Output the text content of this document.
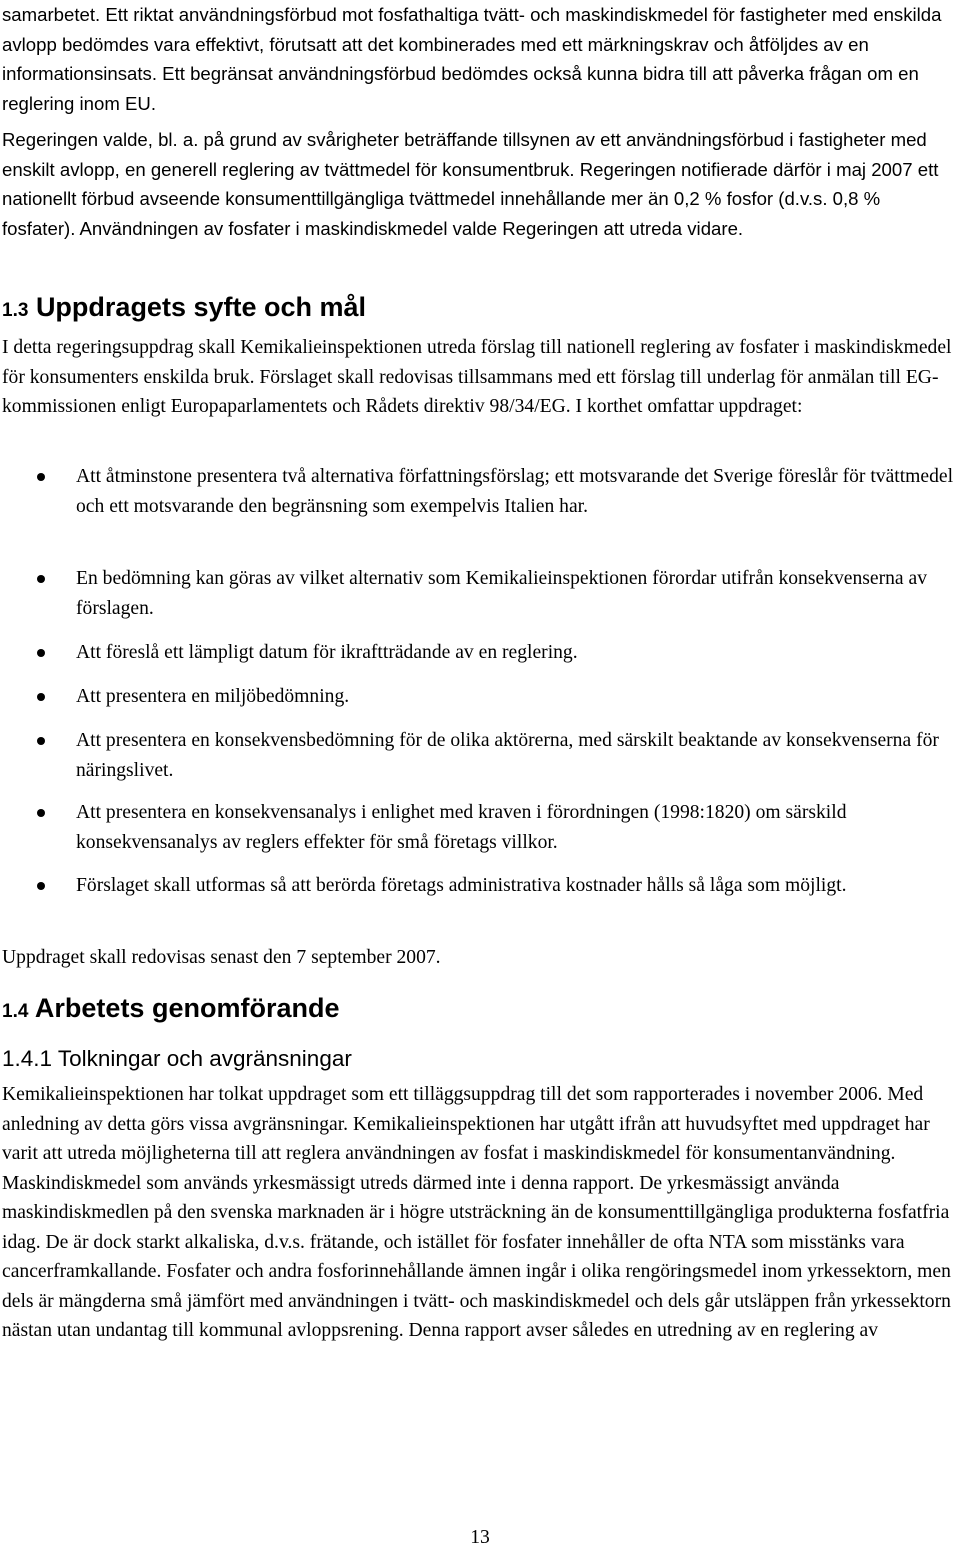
samarbetet. Ett riktat användningsförbud mot fosfathaltiga tvätt- och maskindiskmedel för fastigheter med enskilda avlopp bedömdes vara effektivt, förutsatt att det kombinerades med ett märkningskrav och åtföljdes av en informationsinsats. Ett begränsat användningsförbud bedömdes också kunna bidra till att påverka frågan om en reglering inom EU.

Regeringen valde, bl. a. på grund av svårigheter beträffande tillsynen av ett användningsförbud i fastigheter med enskilt avlopp, en generell reglering av tvättmedel för konsumentbruk. Regeringen notifierade därför i maj 2007 ett nationellt förbud avseende konsumenttillgängliga tvättmedel innehållande mer än 0,2 % fosfor (d.v.s. 0,8 % fosfater). Användningen av fosfater i maskindiskmedel valde Regeringen att utreda vidare.

1.3 Uppdragets syfte och mål

I detta regeringsuppdrag skall Kemikalieinspektionen utreda förslag till nationell reglering av fosfater i maskindiskmedel för konsumenters enskilda bruk. Förslaget skall redovisas tillsammans med ett förslag till underlag för anmälan till EG-kommissionen enligt Europaparlamentets och Rådets direktiv 98/34/EG. I korthet omfattar uppdraget:

Att åtminstone presentera två alternativa författningsförslag; ett motsvarande det Sverige föreslår för tvättmedel och ett motsvarande den begränsning som exempelvis Italien har.
En bedömning kan göras av vilket alternativ som Kemikalieinspektionen förordar utifrån konsekvenserna av förslagen.
Att föreslå ett lämpligt datum för ikraftträdande av en reglering.
Att presentera en miljöbedömning.
Att presentera en konsekvensbedömning för de olika aktörerna, med särskilt beaktande av konsekvenserna för näringslivet.
Att presentera en konsekvensanalys i enlighet med kraven i förordningen (1998:1820) om särskild konsekvensanalys av reglers effekter för små företags villkor.
Förslaget skall utformas så att berörda företags administrativa kostnader hålls så låga som möjligt.

Uppdraget skall redovisas senast den 7 september 2007.

1.4 Arbetets genomförande
1.4.1 Tolkningar och avgränsningar

Kemikalieinspektionen har tolkat uppdraget som ett tilläggsuppdrag till det som rapporterades i november 2006. Med anledning av detta görs vissa avgränsningar. Kemikalieinspektionen har utgått ifrån att huvudsyftet med uppdraget har varit att utreda möjligheterna till att reglera användningen av fosfat i maskindiskmedel för konsumentanvändning. Maskindiskmedel som används yrkesmässigt utreds därmed inte i denna rapport. De yrkesmässigt använda maskindiskmedlen på den svenska marknaden är i högre utsträckning än de konsumenttillgängliga produkterna fosfatfria idag. De är dock starkt alkaliska, d.v.s. frätande, och istället för fosfater innehåller de ofta NTA som misstänks vara cancerframkallande. Fosfater och andra fosforinnehållande ämnen ingår i olika rengöringsmedel inom yrkessektorn, men dels är mängderna små jämfört med användningen i tvätt- och maskindiskmedel och dels går utsläppen från yrkessektorn nästan utan undantag till kommunal avloppsrening. Denna rapport avser således en utredning av en reglering av

13
